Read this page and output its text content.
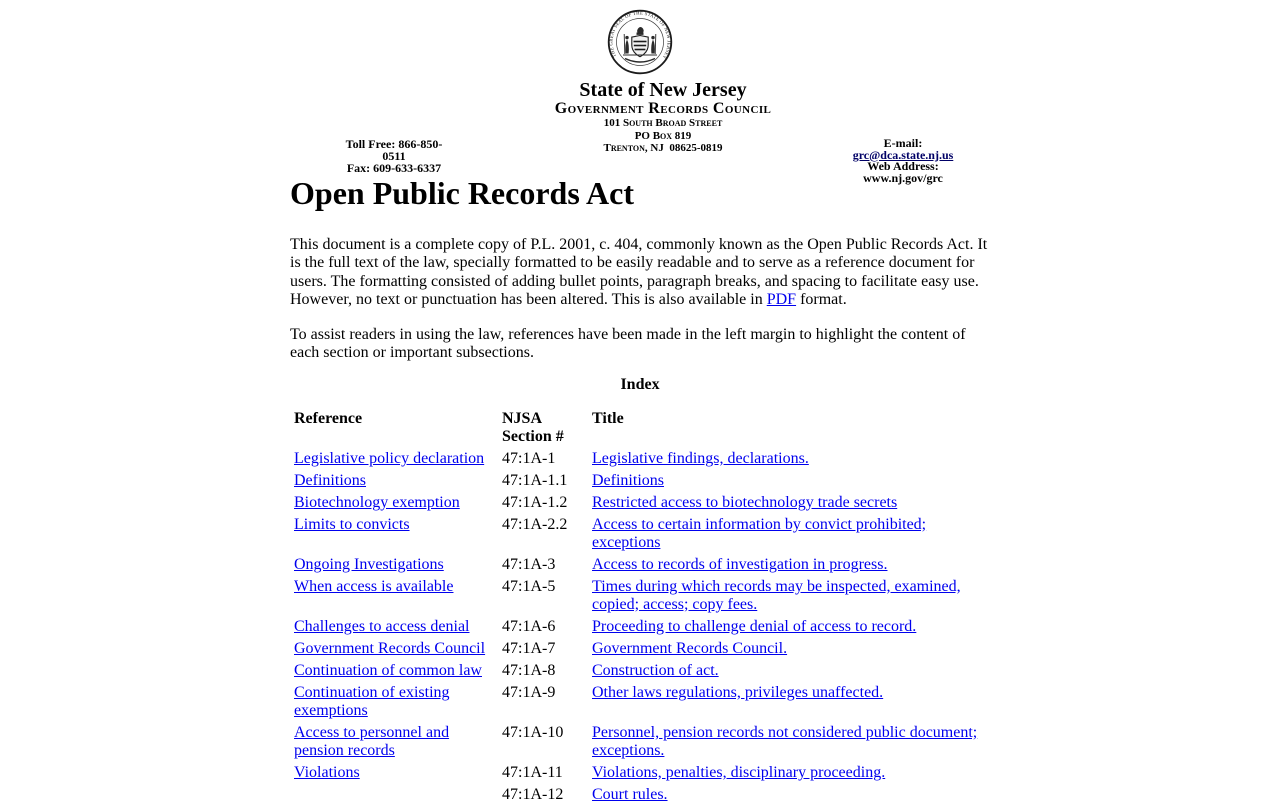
THE GREAT SEAL OF THE STATE OF NEW JERSEY
State of New Jersey
Government Records Council
101 South Broad Street
PO Box 819
Trenton, NJ  08625-0819
Toll Free: 866-850-0511
Fax: 609-633-6337
E-mail: grc@dca.state.nj.us
Web Address:
www.nj.gov/grc
Open Public Records Act

This document is a complete copy of P.L. 2001, c. 404, commonly known as the Open Public Records Act. It is the full text of the law, specially formatted to be easily readable and to serve as a reference document for users. The formatting consisted of adding bullet points, paragraph breaks, and spacing to facilitate easy use. However, no text or punctuation has been altered. This is also available in PDF format.

To assist readers in using the law, references have been made in the left margin to highlight the content of each section or important subsections.

Index

Reference	NJSA Section #	Title
Legislative policy declaration	47:1A-1	Legislative findings, declarations.
Definitions	47:1A-1.1	Definitions
Biotechnology exemption	47:1A-1.2	Restricted access to biotechnology trade secrets
Limits to convicts	47:1A-2.2	Access to certain information by convict prohibited; exceptions
Ongoing Investigations	47:1A-3	Access to records of investigation in progress.
When access is available	47:1A-5	Times during which records may be inspected, examined, copied; access; copy fees.
Challenges to access denial	47:1A-6	Proceeding to challenge denial of access to record.
Government Records Council	47:1A-7	Government Records Council.
Continuation of common law	47:1A-8	Construction of act.
Continuation of existing exemptions	47:1A-9	Other laws regulations, privileges unaffected.
Access to personnel and pension records	47:1A-10	Personnel, pension records not considered public document; exceptions.
Violations	47:1A-11	Violations, penalties, disciplinary proceeding.
	47:1A-12	Court rules.
